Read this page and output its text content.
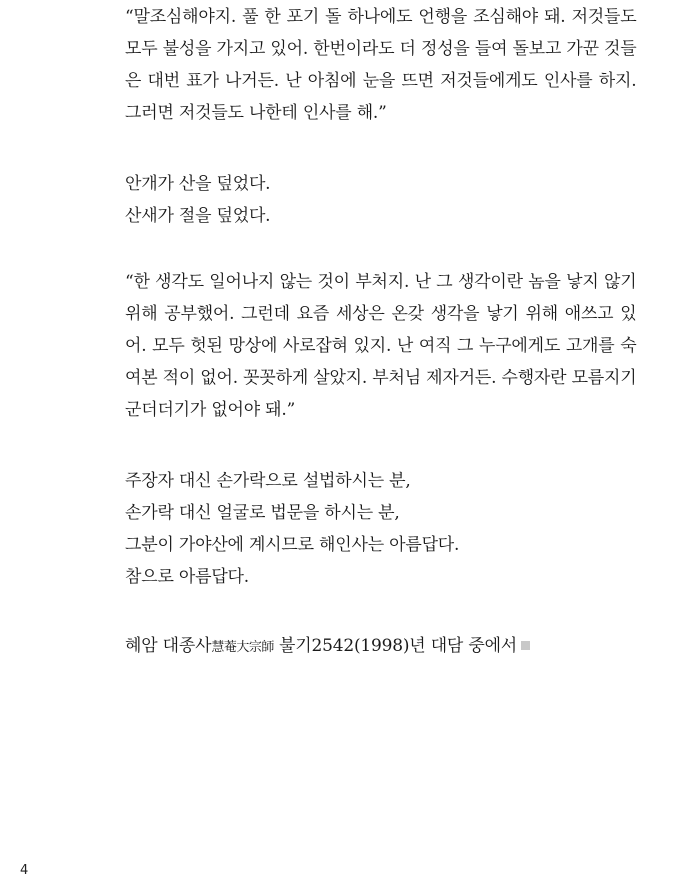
“말조심해야지. 풀 한 포기 돌 하나에도 언행을 조심해야 돼. 저것들도
모두 불성을 가지고 있어. 한번이라도 더 정성을 들여 돌보고 가꾼 것들
은 대번 표가 나거든. 난 아침에 눈을 뜨면 저것들에게도 인사를 하지.
그러면 저것들도 나한테 인사를 해.”
안개가 산을 덮었다.
산새가 절을 덮었다.
“한 생각도 일어나지 않는 것이 부처지. 난 그 생각이란 놈을 낳지 않기
위해 공부했어. 그런데 요즘 세상은 온갖 생각을 낳기 위해 애쓰고 있
어. 모두 헛된 망상에 사로잡혀 있지. 난 여직 그 누구에게도 고개를 숙
여본 적이 없어. 꼿꼿하게 살았지. 부처님 제자거든. 수행자란 모름지기
군더더기가 없어야 돼.”
주장자 대신 손가락으로 설법하시는 분,
손가락 대신 얼굴로 법문을 하시는 분,
그분이 가야산에 계시므로 해인사는 아름답다.
참으로 아름답다.
혜암 대종사慧菴大宗師 불기2542(1998)년 대담 중에서
4
